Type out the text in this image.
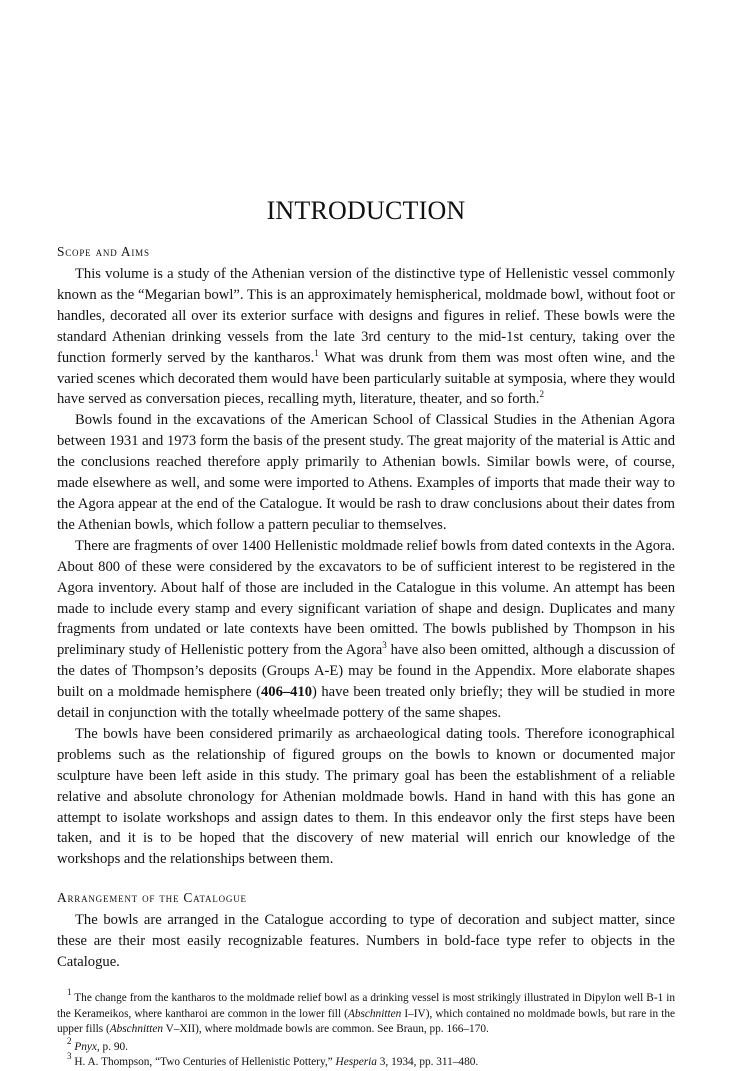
INTRODUCTION
Scope and Aims

This volume is a study of the Athenian version of the distinctive type of Hellenistic vessel commonly known as the “Megarian bowl”. This is an approximately hemispherical, moldmade bowl, without foot or handles, decorated all over its exterior surface with designs and figures in relief. These bowls were the standard Athenian drinking vessels from the late 3rd century to the mid-1st century, taking over the function formerly served by the kantharos.$^1$ What was drunk from them was most often wine, and the varied scenes which decorated them would have been particularly suitable at symposia, where they would have served as conversation pieces, recalling myth, literature, theater, and so forth.$^2$

Bowls found in the excavations of the American School of Classical Studies in the Athenian Agora between 1931 and 1973 form the basis of the present study. The great majority of the material is Attic and the conclusions reached therefore apply primarily to Athenian bowls. Similar bowls were, of course, made elsewhere as well, and some were imported to Athens. Examples of imports that made their way to the Agora appear at the end of the Catalogue. It would be rash to draw conclusions about their dates from the Athenian bowls, which follow a pattern peculiar to themselves.

There are fragments of over 1400 Hellenistic moldmade relief bowls from dated contexts in the Agora. About 800 of these were considered by the excavators to be of sufficient interest to be registered in the Agora inventory. About half of those are included in the Catalogue in this volume. An attempt has been made to include every stamp and every significant variation of shape and design. Duplicates and many fragments from undated or late contexts have been omitted. The bowls published by Thompson in his preliminary study of Hellenistic pottery from the Agora$^3$ have also been omitted, although a discussion of the dates of Thompson’s deposits (Groups A-E) may be found in the Appendix. More elaborate shapes built on a moldmade hemisphere (406–410) have been treated only briefly; they will be studied in more detail in conjunction with the totally wheelmade pottery of the same shapes.

The bowls have been considered primarily as archaeological dating tools. Therefore iconographical problems such as the relationship of figured groups on the bowls to known or documented major sculpture have been left aside in this study. The primary goal has been the establishment of a reliable relative and absolute chronology for Athenian moldmade bowls. Hand in hand with this has gone an attempt to isolate workshops and assign dates to them. In this endeavor only the first steps have been taken, and it is to be hoped that the discovery of new material will enrich our knowledge of the workshops and the relationships between them.

Arrangement of the Catalogue

The bowls are arranged in the Catalogue according to type of decoration and subject matter, since these are their most easily recognizable features. Numbers in bold-face type refer to objects in the Catalogue.

$^1$ The change from the kantharos to the moldmade relief bowl as a drinking vessel is most strikingly illustrated in Dipylon well B-1 in the Kerameikos, where kantharoi are common in the lower fill (Abschnitten I–IV), which contained no moldmade bowls, but rare in the upper fills (Abschnitten V–XII), where moldmade bowls are common. See Braun, pp. 166–170.
$^2$ Pnyx, p. 90.
$^3$ H. A. Thompson, “Two Centuries of Hellenistic Pottery,” Hesperia 3, 1934, pp. 311–480.
